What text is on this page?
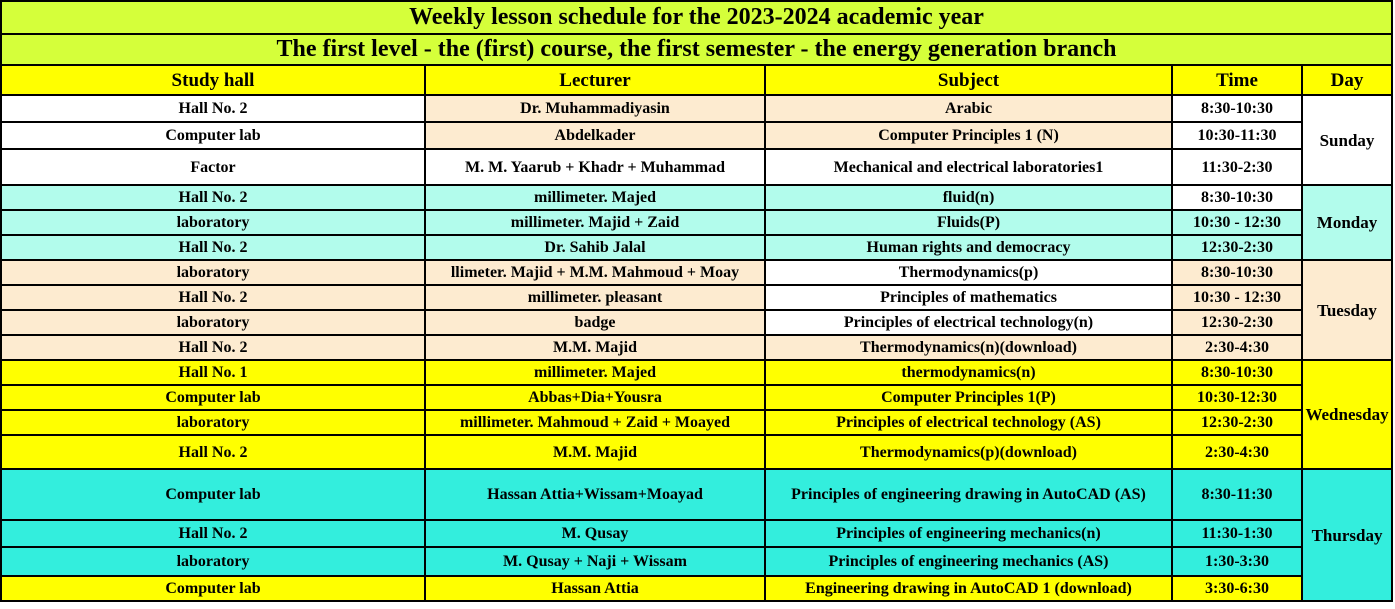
Weekly lesson schedule for the 2023-2024 academic year				
The first level - the (first) course, the first semester - the energy generation branch				
Study hall	Lecturer	Subject	Time	Day
Hall No. 2	Dr. Muhammadiyasin	Arabic	8:30-10:30	Sunday
Computer lab	Abdelkader	Computer Principles 1 (N)	10:30-11:30	
Factor	M. M. Yaarub + Khadr + Muhammad	Mechanical and electrical laboratories1	11:30-2:30	
Hall No. 2	millimeter. Majed	fluid(n)	8:30-10:30	Monday
laboratory	millimeter. Majid + Zaid	Fluids(P)	10:30 - 12:30	
Hall No. 2	Dr. Sahib Jalal	Human rights and democracy	12:30-2:30	
laboratory	llimeter. Majid + M.M. Mahmoud + Moay	Thermodynamics(p)	8:30-10:30	Tuesday
Hall No. 2	millimeter. pleasant	Principles of mathematics	10:30 - 12:30	
laboratory	badge	Principles of electrical technology(n)	12:30-2:30	
Hall No. 2	M.M. Majid	Thermodynamics(n)(download)	2:30-4:30	
Hall No. 1	millimeter. Majed	thermodynamics(n)	8:30-10:30	Wednesday
Computer lab	Abbas+Dia+Yousra	Computer Principles 1(P)	10:30-12:30	
laboratory	millimeter. Mahmoud + Zaid + Moayed	Principles of electrical technology (AS)	12:30-2:30	
Hall No. 2	M.M. Majid	Thermodynamics(p)(download)	2:30-4:30	
Computer lab	Hassan Attia+Wissam+Moayad	Principles of engineering drawing in AutoCAD (AS)	8:30-11:30	Thursday
Hall No. 2	M. Qusay	Principles of engineering mechanics(n)	11:30-1:30	
laboratory	M. Qusay + Naji + Wissam	Principles of engineering mechanics (AS)	1:30-3:30	
Computer lab	Hassan Attia	Engineering drawing in AutoCAD 1 (download)	3:30-6:30	
